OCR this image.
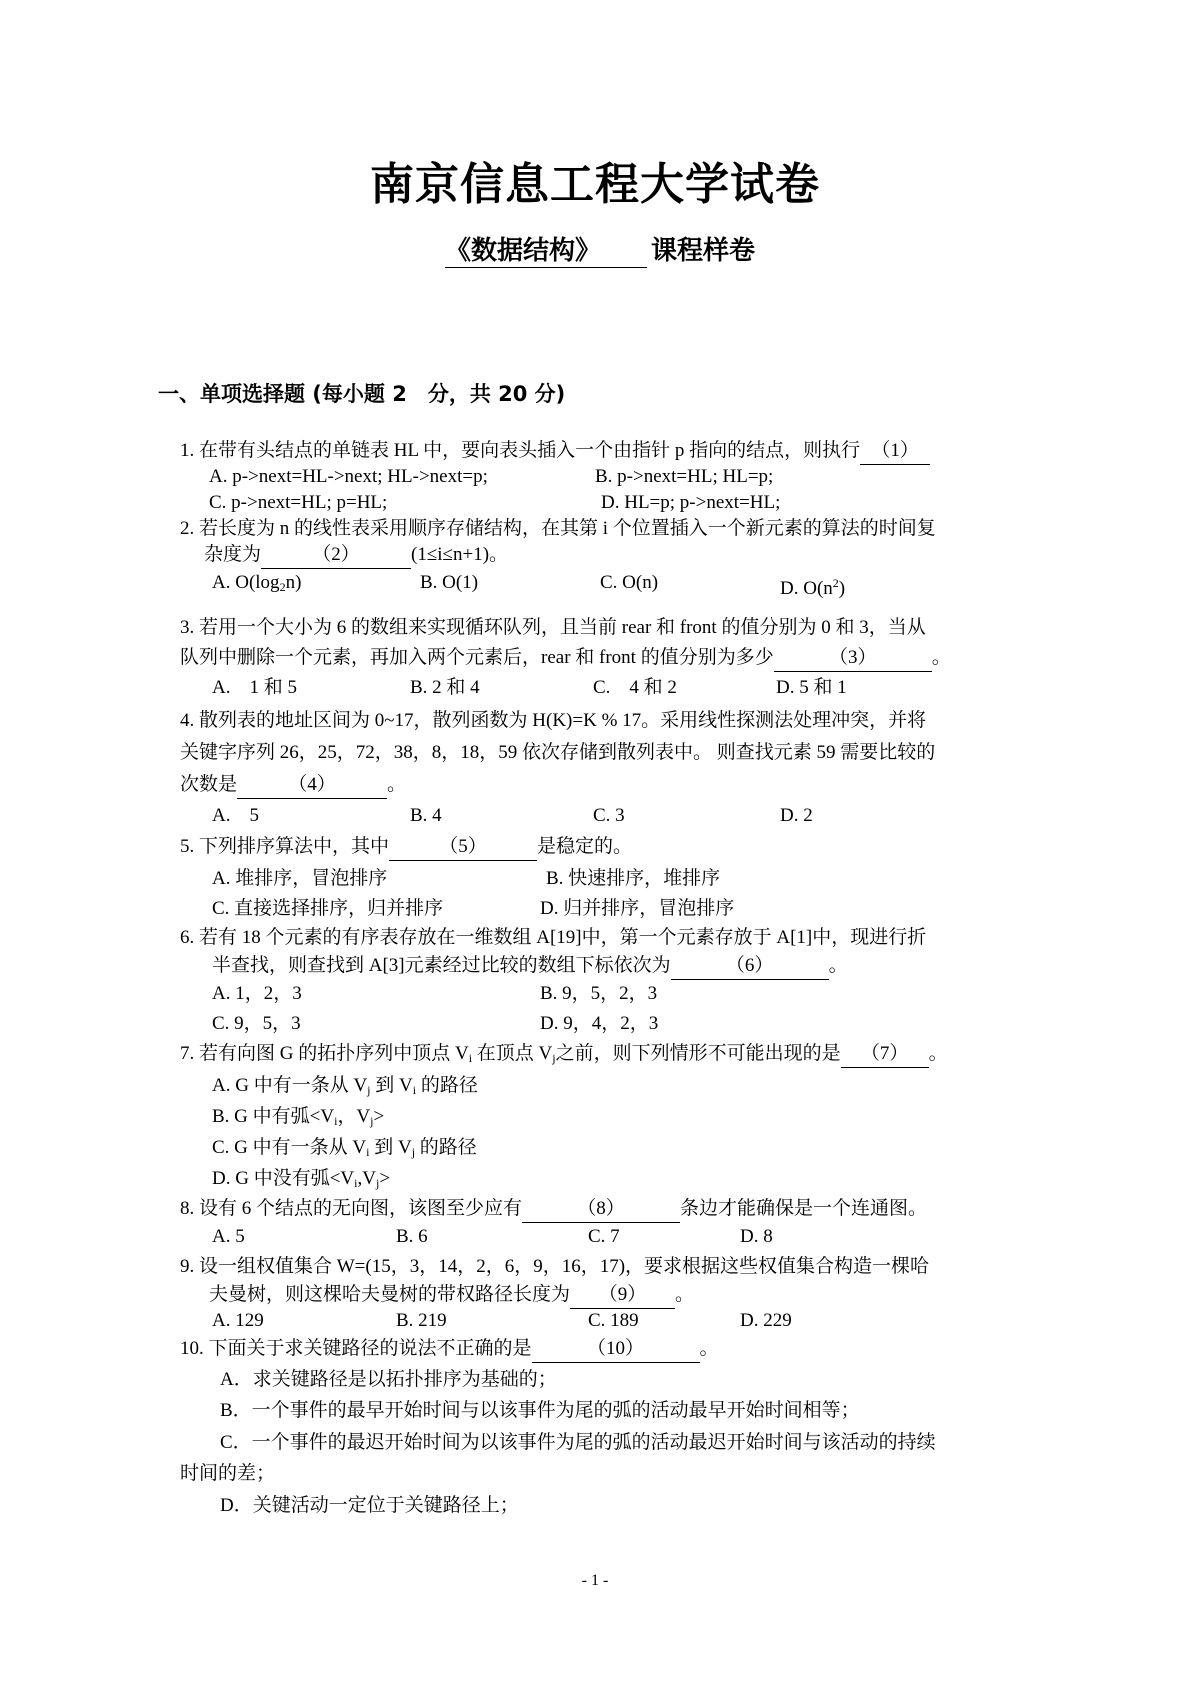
南京信息工程大学试卷
《数据结构》 课程样卷
一、单项选择题 (每小题 2　分，共 20 分)
1. 在带有头结点的单链表 HL 中，要向表头插入一个由指针 p 指向的结点，则执行 （1）
A. p->next=HL->next; HL->next=p;	B. p->next=HL; HL=p;
C. p->next=HL; p=HL;	D. HL=p; p->next=HL;
2. 若长度为 n 的线性表采用顺序存储结构，在其第 i 个位置插入一个新元素的算法的时间复
杂度为	（2）	(1≤i≤n+1)。
A. $O(\log_2n)$	B. O(1)	C. O(n)	D. $O(n^2)$
3. 若用一个大小为 6 的数组来实现循环队列，且当前 rear 和 front 的值分别为 0 和 3，当从
队列中删除一个元素，再加入两个元素后，rear 和 front 的值分别为多少	（3）	。
A.　1 和 5	B. 2 和 4	C.　4 和 2	D. 5 和 1
4. 散列表的地址区间为 0~17，散列函数为 H(K)=K % 17。采用线性探测法处理冲突，并将
关键字序列 26，25，72，38，8，18，59 依次存储到散列表中。 则查找元素 59 需要比较的
次数是	（4）	。
A.　5	B. 4	C. 3	D. 2
5. 下列排序算法中，其中	（5）	是稳定的。
A. 堆排序，冒泡排序	B. 快速排序，堆排序
C. 直接选择排序，归并排序	D. 归并排序，冒泡排序
6. 若有 18 个元素的有序表存放在一维数组 A[19]中，第一个元素存放于 A[1]中，现进行折
半查找，则查找到 A[3]元素经过比较的数组下标依次为	（6）	。
A. 1，2，3	B. 9，5，2，3
C. 9，5，3	D. 9，4，2，3
7. 若有向图 G 的拓扑序列中顶点 $V_i$ 在顶点 $V_j$之前，则下列情形不可能出现的是 （7） 。
A. G 中有一条从 $V_j$ 到 $V_i$ 的路径
B. G 中有弧$<V_i$，$V_j>$
C. G 中有一条从 $V_i$ 到 $V_j$ 的路径
D. G 中没有弧$<V_i,V_j>$
8. 设有 6 个结点的无向图，该图至少应有	（8）	条边才能确保是一个连通图。
A. 5	B. 6	C. 7	D. 8
9. 设一组权值集合 W=(15，3，14，2，6，9，16，17)，要求根据这些权值集合构造一棵哈
夫曼树，则这棵哈夫曼树的带权路径长度为 （9） 。
A. 129	B. 219	C. 189	D. 229
10. 下面关于求关键路径的说法不正确的是	（10）	。
A．求关键路径是以拓扑排序为基础的；
B．一个事件的最早开始时间与以该事件为尾的弧的活动最早开始时间相等；
C．一个事件的最迟开始时间为以该事件为尾的弧的活动最迟开始时间与该活动的持续
时间的差；
D．关键活动一定位于关键路径上；
- 1 -
